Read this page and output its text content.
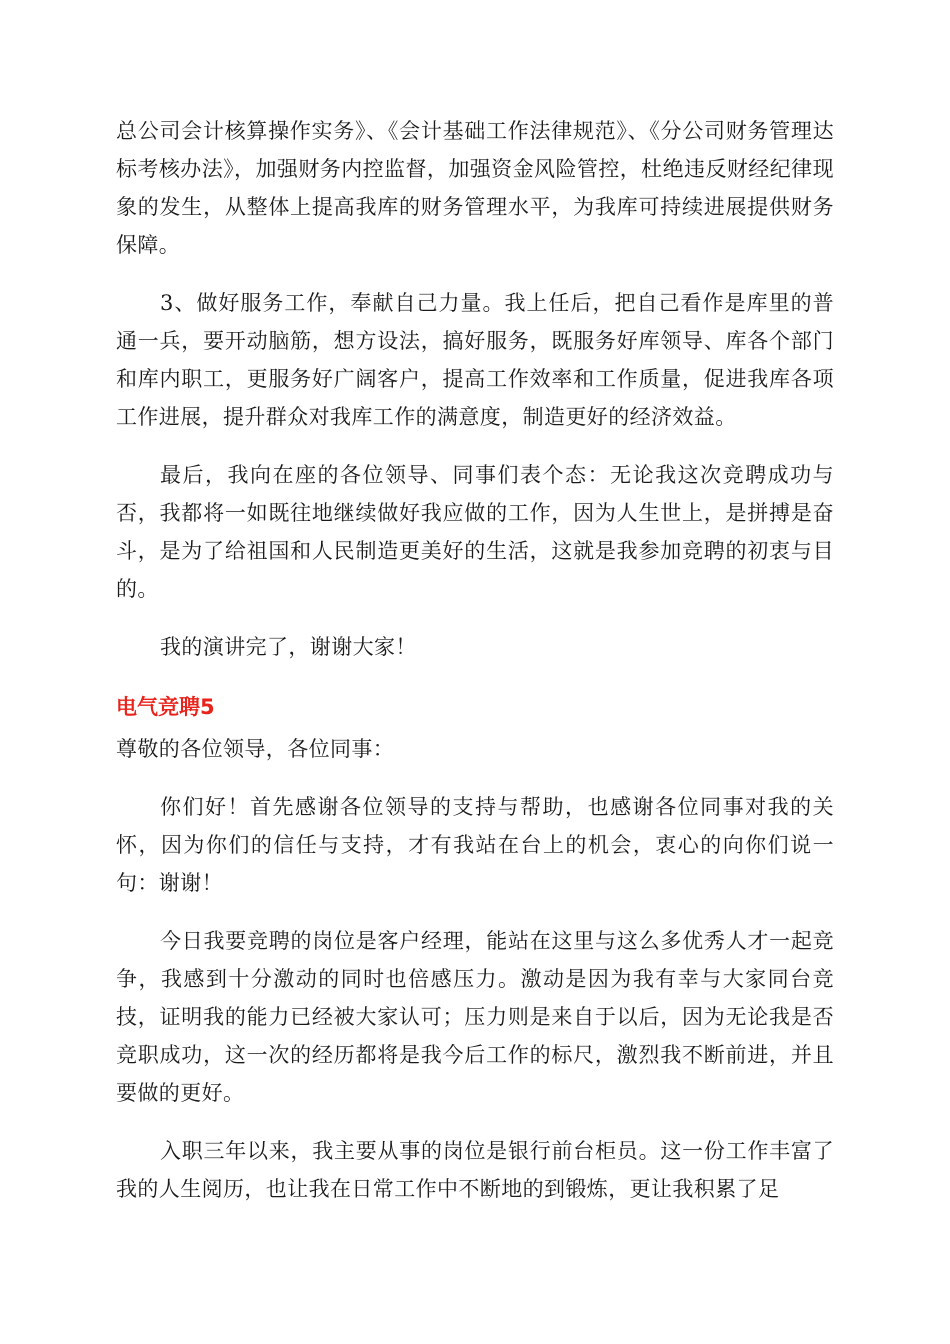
总公司会计核算操作实务》、《会计基础工作法律规范》、《分公司财务管理达标考核办法》，加强财务内控监督，加强资金风险管控，杜绝违反财经纪律现象的发生，从整体上提高我库的财务管理水平，为我库可持续进展提供财务保障。

3、做好服务工作，奉献自己力量。我上任后，把自己看作是库里的普通一兵，要开动脑筋，想方设法，搞好服务，既服务好库领导、库各个部门和库内职工，更服务好广阔客户，提高工作效率和工作质量，促进我库各项工作进展，提升群众对我库工作的满意度，制造更好的经济效益。

最后，我向在座的各位领导、同事们表个态：无论我这次竞聘成功与否，我都将一如既往地继续做好我应做的工作，因为人生世上，是拼搏是奋斗，是为了给祖国和人民制造更美好的生活，这就是我参加竞聘的初衷与目的。

我的演讲完了，谢谢大家！

电气竞聘5

尊敬的各位领导，各位同事：

你们好！首先感谢各位领导的支持与帮助，也感谢各位同事对我的关怀，因为你们的信任与支持，才有我站在台上的机会，衷心的向你们说一句：谢谢！

今日我要竞聘的岗位是客户经理，能站在这里与这么多优秀人才一起竞争，我感到十分激动的同时也倍感压力。激动是因为我有幸与大家同台竞技，证明我的能力已经被大家认可；压力则是来自于以后，因为无论我是否竞职成功，这一次的经历都将是我今后工作的标尺，激烈我不断前进，并且要做的更好。

入职三年以来，我主要从事的岗位是银行前台柜员。这一份工作丰富了我的人生阅历，也让我在日常工作中不断地的到锻炼，更让我积累了足
